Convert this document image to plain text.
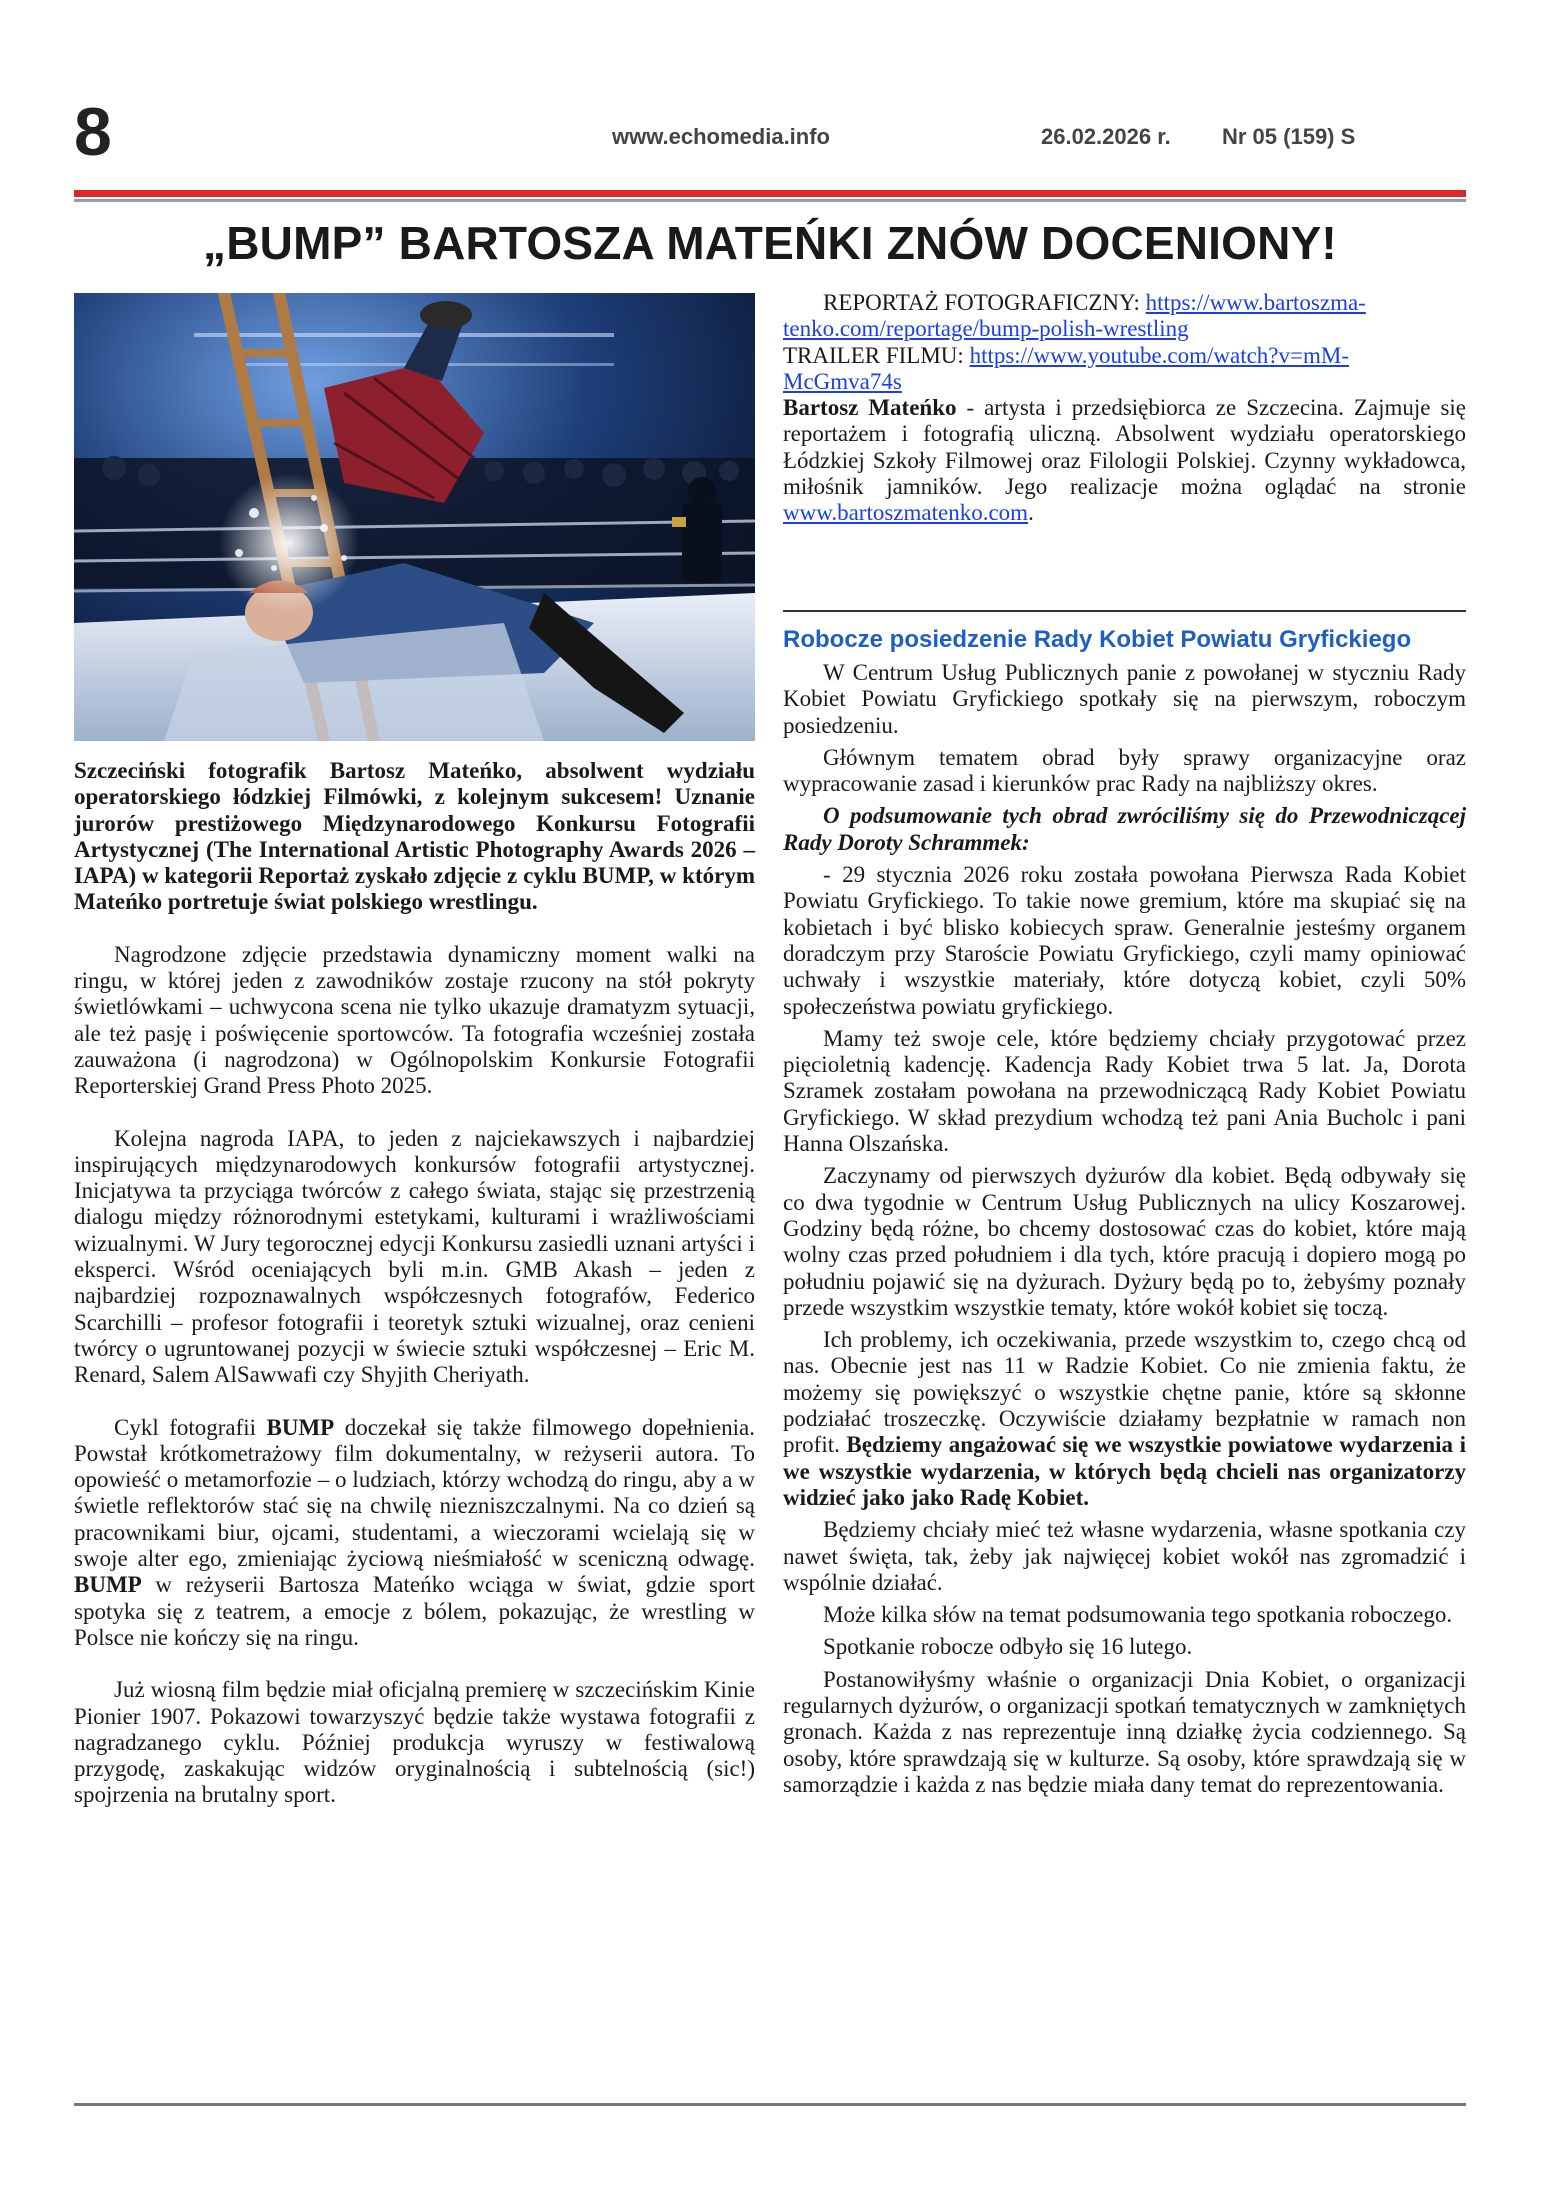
8	www.echomedia.info	26.02.2026 r. Nr 05 (159) S
„BUMP” BARTOSZA MATEŃKI ZNÓW DOCENIONY!

Szczeciński fotografik Bartosz Mateńko, absolwent wydziału operatorskiego łódzkiej Filmówki, z kolejnym sukcesem! Uznanie jurorów prestiżowego Międzynarodowego Konkursu Fotografii Artystycznej (The International Artistic Photography Awards 2026 – IAPA) w kategorii Reportaż zyskało zdjęcie z cyklu BUMP, w którym Mateńko portretuje świat polskiego wrestlingu.

Nagrodzone zdjęcie przedstawia dynamiczny moment walki na ringu, w której jeden z zawodników zostaje rzucony na stół pokryty świetlówkami – uchwycona scena nie tylko ukazuje dramatyzm sytuacji, ale też pasję i poświęcenie sportowców. Ta fotografia wcześniej została zauważona (i nagrodzona) w Ogólnopolskim Konkursie Fotografii Reporterskiej Grand Press Photo 2025.

Kolejna nagroda IAPA, to jeden z najciekawszych i najbardziej inspirujących międzynarodowych konkursów fotografii artystycznej. Inicjatywa ta przyciąga twórców z całego świata, stając się przestrzenią dialogu między różnorodnymi estetykami, kulturami i wrażliwościami wizualnymi. W Jury tegorocznej edycji Konkursu zasiedli uznani artyści i eksperci. Wśród oceniających byli m.in. GMB Akash – jeden z najbardziej rozpoznawalnych współczesnych fotografów, Federico Scarchilli – profesor fotografii i teoretyk sztuki wizualnej, oraz cenieni twórcy o ugruntowanej pozycji w świecie sztuki współczesnej – Eric M. Renard, Salem AlSawwafi czy Shyjith Cheriyath.

Cykl fotografii BUMP doczekał się także filmowego dopełnienia. Powstał krótkometrażowy film dokumentalny, w reżyserii autora. To opowieść o metamorfozie – o ludziach, którzy wchodzą do ringu, aby a w świetle reflektorów stać się na chwilę niezniszczalnymi. Na co dzień są pracownikami biur, ojcami, studentami, a wieczorami wcielają się w swoje alter ego, zmieniając życiową nieśmiałość w sceniczną odwagę. BUMP w reżyserii Bartosza Mateńko wciąga w świat, gdzie sport spotyka się z teatrem, a emocje z bólem, pokazując, że wrestling w Polsce nie kończy się na ringu.

Już wiosną film będzie miał oficjalną premierę w szczecińskim Kinie Pionier 1907. Pokazowi towarzyszyć będzie także wystawa fotografii z nagradzanego cyklu. Później produkcja wyruszy w festiwalową przygodę, zaskakując widzów oryginalnością i subtelnością (sic!) spojrzenia na brutalny sport.

REPORTAŻ FOTOGRAFICZNY: https://www.bartoszma-tenko.com/reportage/bump-polish-wrestling

TRAILER FILMU: https://www.youtube.com/watch?v=mM-McGmva74s

Bartosz Mateńko - artysta i przedsiębiorca ze Szczecina. Zajmuje się reportażem i fotografią uliczną. Absolwent wydziału operatorskiego Łódzkiej Szkoły Filmowej oraz Filologii Polskiej. Czynny wykładowca, miłośnik jamników. Jego realizacje można oglądać na stronie www.bartoszmatenko.com.

Robocze posiedzenie Rady Kobiet Powiatu Gryfickiego

W Centrum Usług Publicznych panie z powołanej w styczniu Rady Kobiet Powiatu Gryfickiego spotkały się na pierwszym, roboczym posiedzeniu.

Głównym tematem obrad były sprawy organizacyjne oraz wypracowanie zasad i kierunków prac Rady na najbliższy okres.

O podsumowanie tych obrad zwróciliśmy się do Przewodniczącej Rady Doroty Schrammek:

- 29 stycznia 2026 roku została powołana Pierwsza Rada Kobiet Powiatu Gryfickiego. To takie nowe gremium, które ma skupiać się na kobietach i być blisko kobiecych spraw. Generalnie jesteśmy organem doradczym przy Staroście Powiatu Gryfickiego, czyli mamy opiniować uchwały i wszystkie materiały, które dotyczą kobiet, czyli 50% społeczeństwa powiatu gryfickiego.

Mamy też swoje cele, które będziemy chciały przygotować przez pięcioletnią kadencję. Kadencja Rady Kobiet trwa 5 lat. Ja, Dorota Szramek zostałam powołana na przewodniczącą Rady Kobiet Powiatu Gryfickiego. W skład prezydium wchodzą też pani Ania Bucholc i pani Hanna Olszańska.

Zaczynamy od pierwszych dyżurów dla kobiet. Będą odbywały się co dwa tygodnie w Centrum Usług Publicznych na ulicy Koszarowej. Godziny będą różne, bo chcemy dostosować czas do kobiet, które mają wolny czas przed południem i dla tych, które pracują i dopiero mogą po południu pojawić się na dyżurach. Dyżury będą po to, żebyśmy poznały przede wszystkim wszystkie tematy, które wokół kobiet się toczą.

Ich problemy, ich oczekiwania, przede wszystkim to, czego chcą od nas. Obecnie jest nas 11 w Radzie Kobiet. Co nie zmienia faktu, że możemy się powiększyć o wszystkie chętne panie, które są skłonne podziałać troszeczkę. Oczywiście działamy bezpłatnie w ramach non profit. Będziemy angażować się we wszystkie powiatowe wydarzenia i we wszystkie wydarzenia, w których będą chcieli nas organizatorzy widzieć jako jako Radę Kobiet.

Będziemy chciały mieć też własne wydarzenia, własne spotkania czy nawet święta, tak, żeby jak najwięcej kobiet wokół nas zgromadzić i wspólnie działać.

Może kilka słów na temat podsumowania tego spotkania roboczego.

Spotkanie robocze odbyło się 16 lutego.

Postanowiłyśmy właśnie o organizacji Dnia Kobiet, o organizacji regularnych dyżurów, o organizacji spotkań tematycznych w zamkniętych gronach. Każda z nas reprezentuje inną działkę życia codziennego. Są osoby, które sprawdzają się w kulturze. Są osoby, które sprawdzają się w samorządzie i każda z nas będzie miała dany temat do reprezentowania.
